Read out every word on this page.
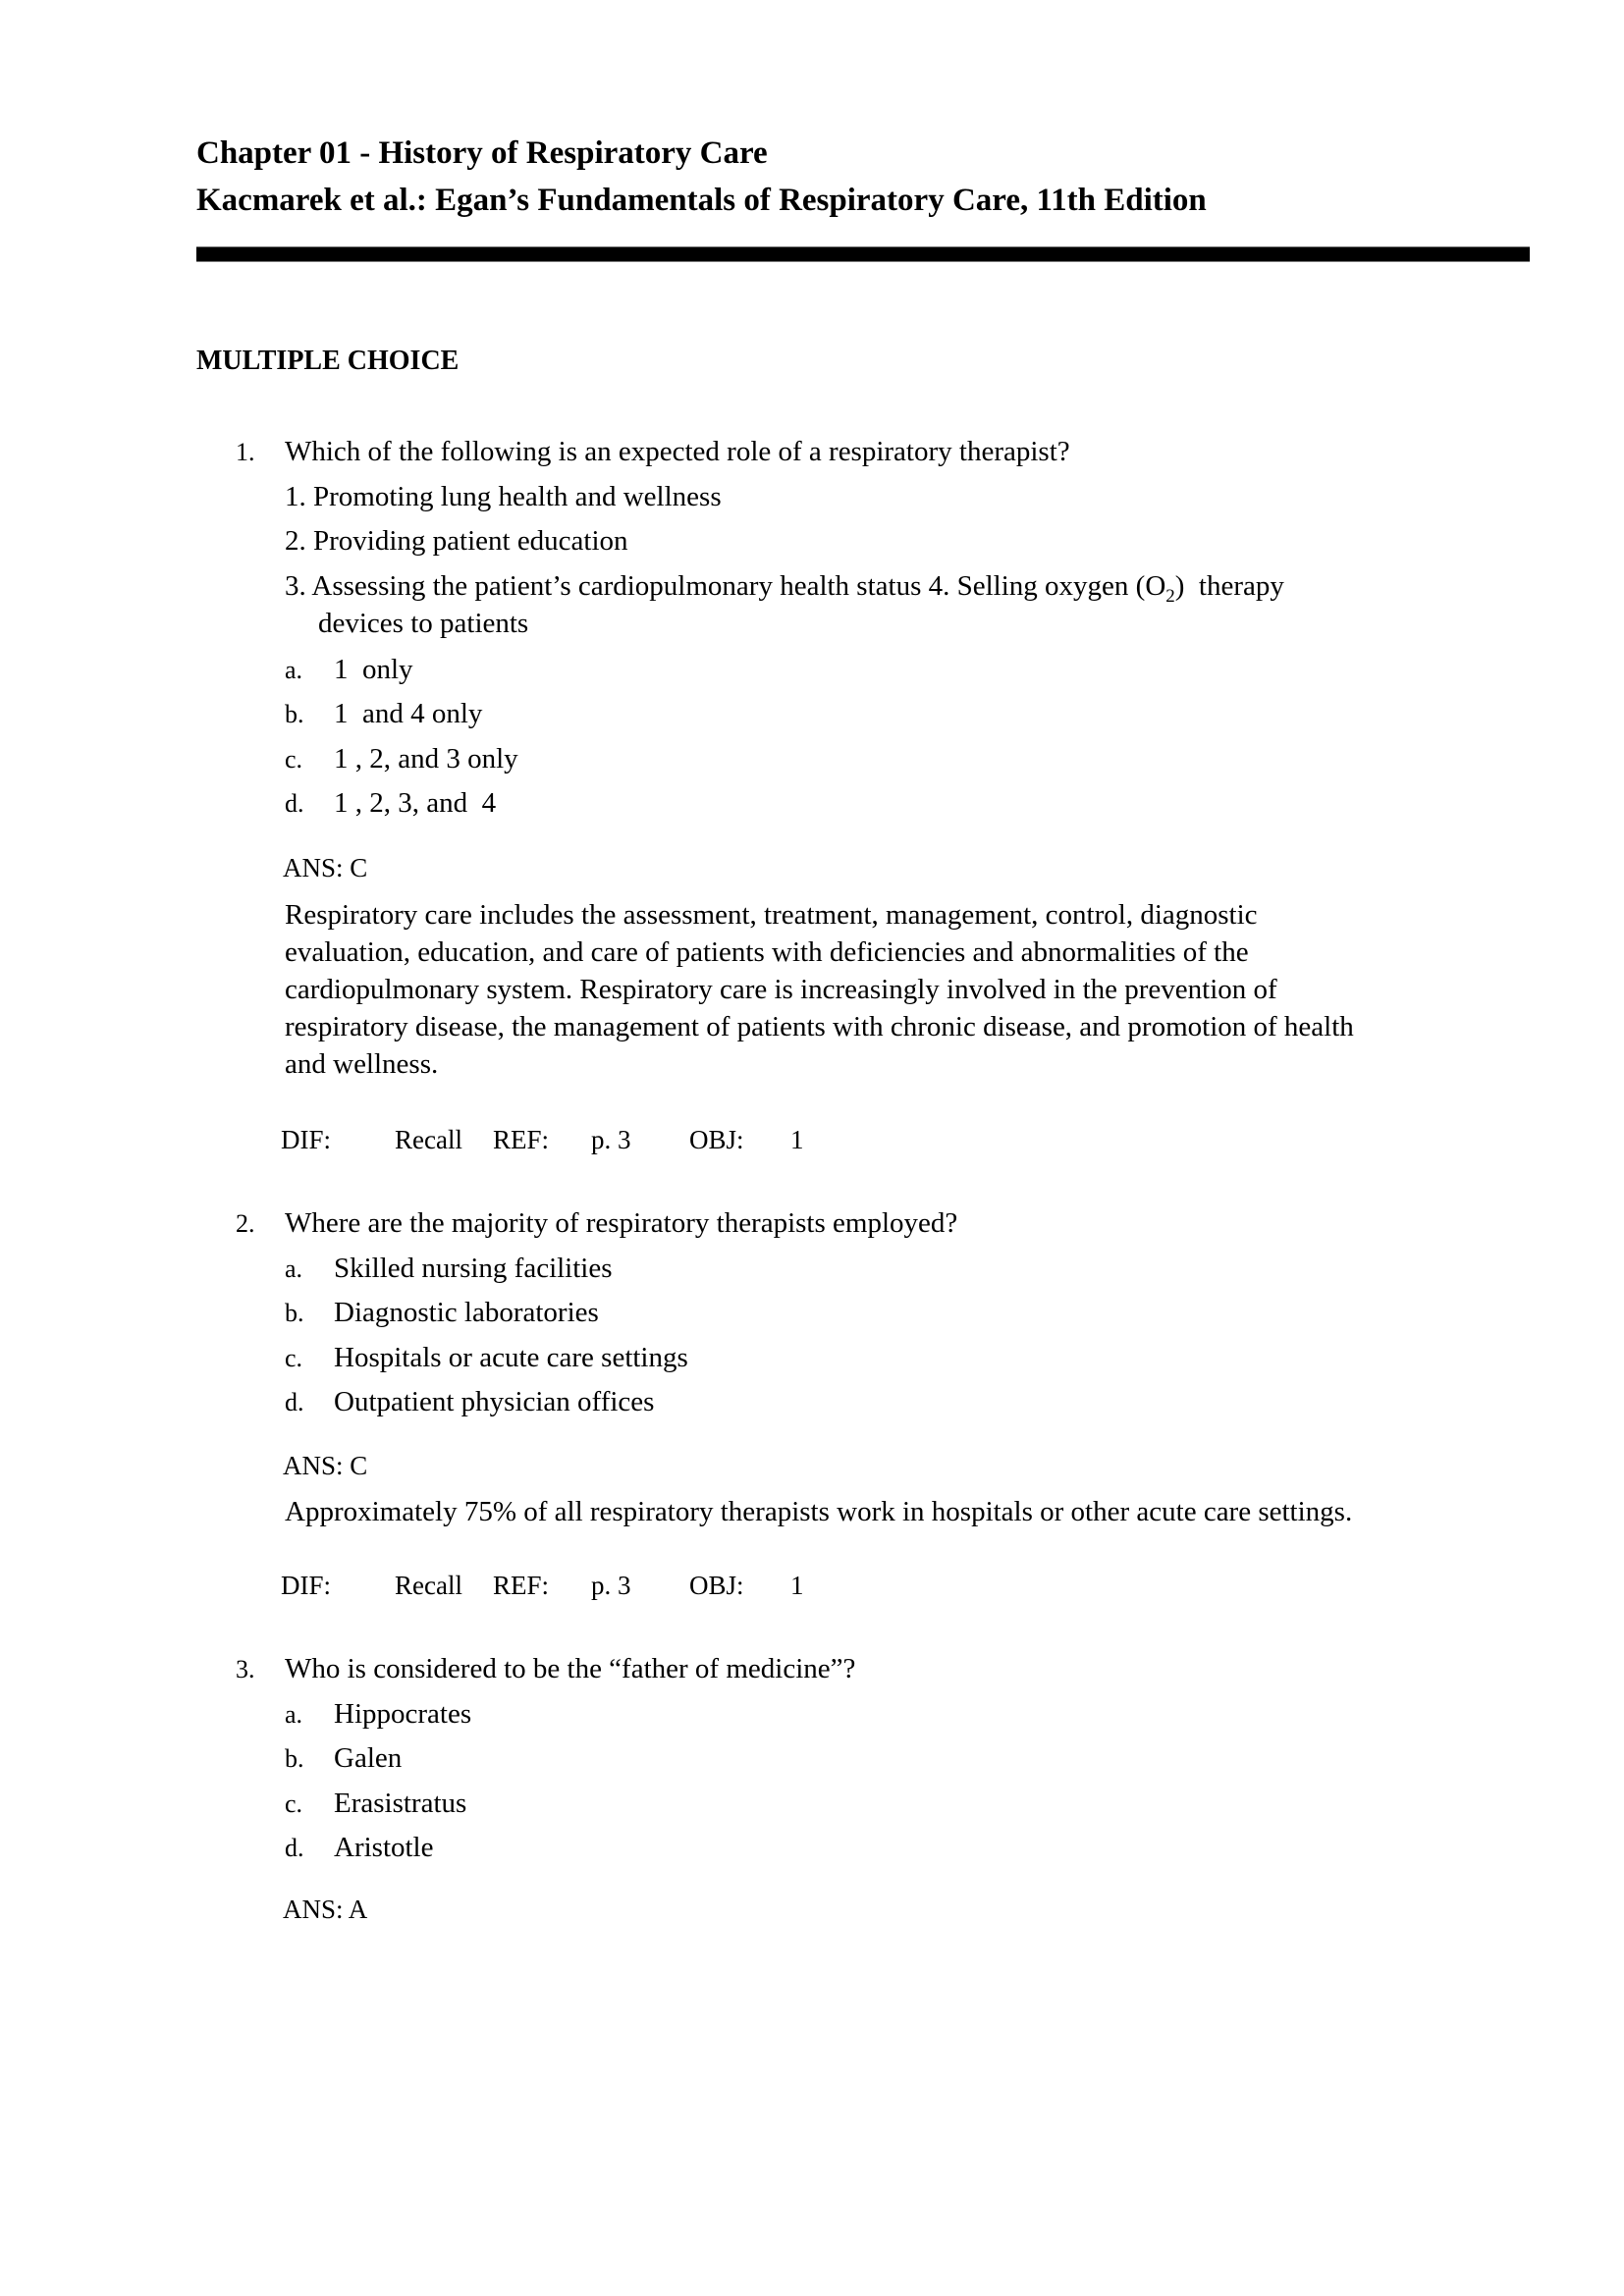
Chapter 01 - History of Respiratory Care
Kacmarek et al.: Egan’s Fundamentals of Respiratory Care, 11th Edition
MULTIPLE CHOICE
1. Which of the following is an expected role of a respiratory therapist?
1. Promoting lung health and wellness
2. Providing patient education
3. Assessing the patient’s cardiopulmonary health status 4. Selling oxygen $(O_2)$  therapy
devices to patients
a. 1  only
b. 1  and 4 only
c. 1 , 2, and 3 only
d. 1 , 2, 3, and  4
ANS: C
Respiratory care includes the assessment, treatment, management, control, diagnostic
evaluation, education, and care of patients with deficiencies and abnormalities of the
cardiopulmonary system. Respiratory care is increasingly involved in the prevention of
respiratory disease, the management of patients with chronic disease, and promotion of health
and wellness.
DIF: Recall REF: p. 3 OBJ: 1
2. Where are the majority of respiratory therapists employed?
a. Skilled nursing facilities
b. Diagnostic laboratories
c. Hospitals or acute care settings
d. Outpatient physician offices
ANS: C
Approximately 75% of all respiratory therapists work in hospitals or other acute care settings.
DIF: Recall REF: p. 3 OBJ: 1
3. Who is considered to be the “father of medicine”?
a. Hippocrates
b. Galen
c. Erasistratus
d. Aristotle
ANS: A
